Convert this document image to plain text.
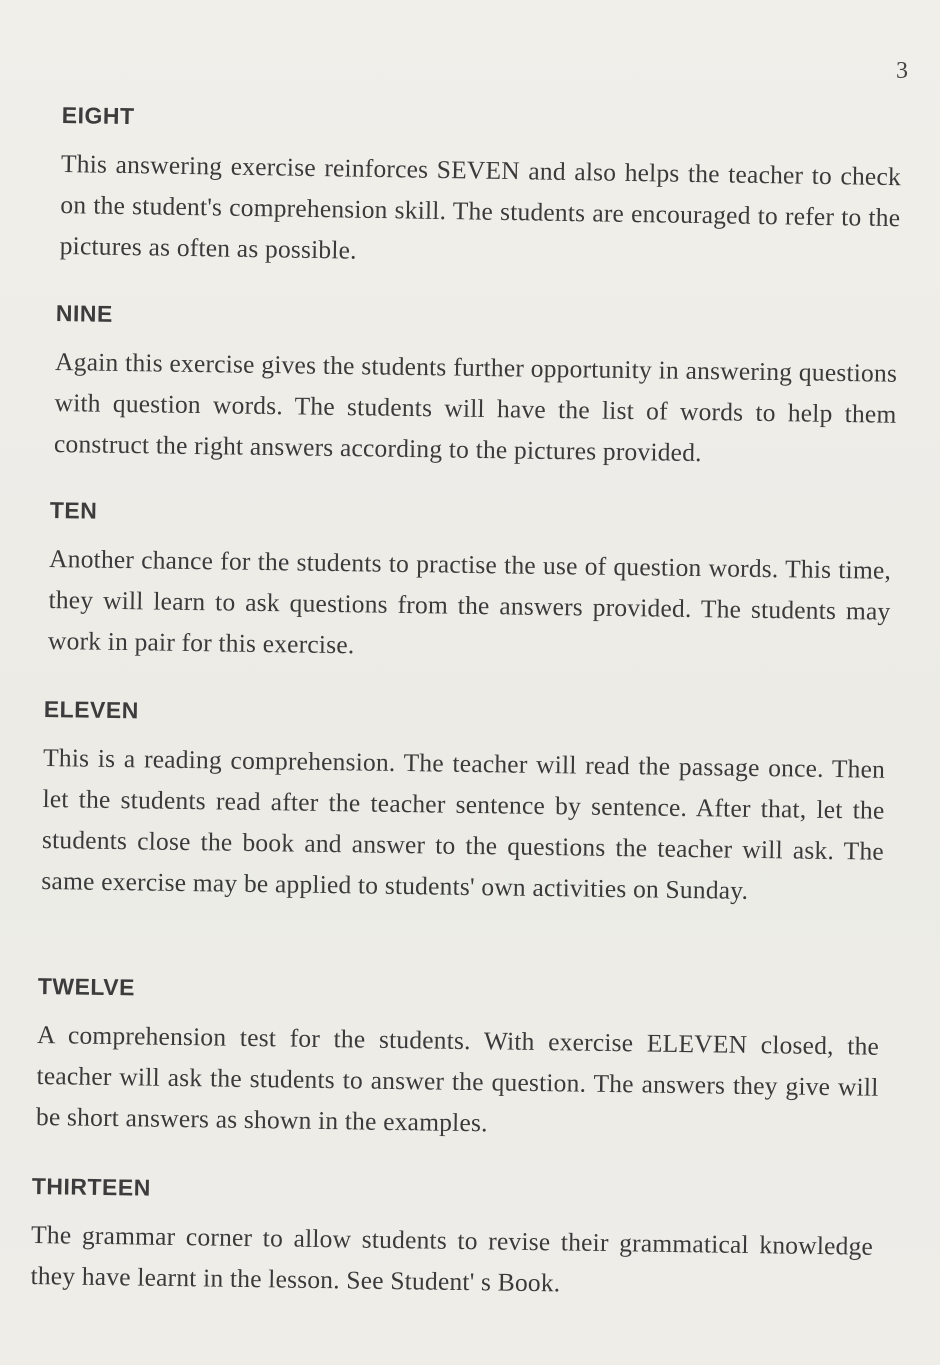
3
EIGHT

This answering exercise reinforces SEVEN and also helps the teacher to check on the student's comprehension skill. The students are encouraged to refer to the pictures as often as possible.

NINE

Again this exercise gives the students further opportunity in answering questions with question words. The students will have the list of words to help them construct the right answers according to the pictures provided.

TEN

Another chance for the students to practise the use of question words. This time, they will learn to ask questions from the answers provided. The students may work in pair for this exercise.

ELEVEN

This is a reading comprehension. The teacher will read the passage once. Then let the students read after the teacher sentence by sentence. After that, let the students close the book and answer to the questions the teacher will ask. The same exercise may be applied to students' own activities on Sunday.

TWELVE

A comprehension test for the students. With exercise ELEVEN closed, the teacher will ask the students to answer the question. The answers they give will be short answers as shown in the examples.

THIRTEEN

The grammar corner to allow students to revise their grammatical knowledge they have learnt in the lesson. See Student' s Book.
